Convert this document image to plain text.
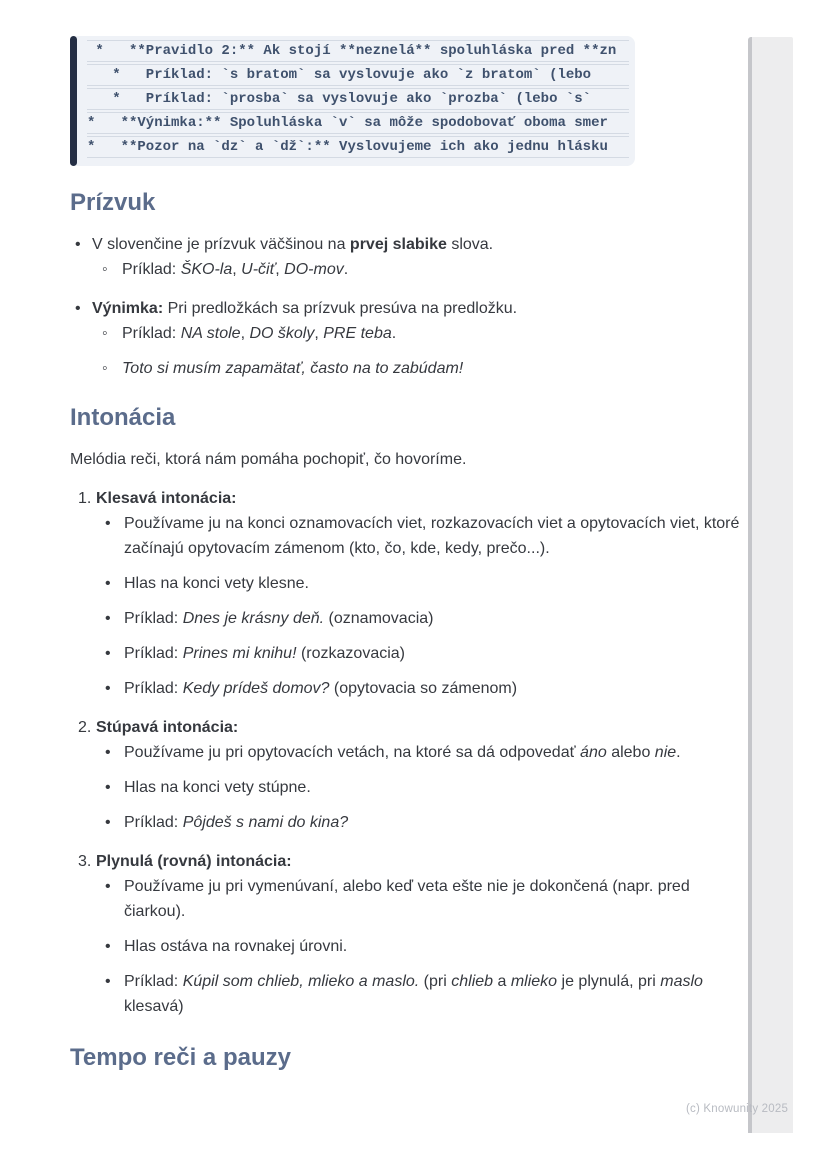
*   **Pravidlo 2:** Ak stojí **neznelá** spoluhláska pred **zn
*   Príklad: `s bratom` sa vyslovuje ako `z bratom` (lebo
*   Príklad: `prosba` sa vyslovuje ako `prozba` (lebo `s`
*   **Výnimka:** Spoluhláska `v` sa môže spodobovať oboma smer
*   **Pozor na `dz` a `dž`:** Vyslovujeme ich ako jednu hlásku
Prízvuk
• V slovenčine je prízvuk väčšinou na prvej slabike slova.
◦ Príklad: ŠKO-la, U-čiť, DO-mov.
• Výnimka: Pri predložkách sa prízvuk presúva na predložku.
◦ Príklad: NA stole, DO školy, PRE teba.
◦ Toto si musím zapamätať, často na to zabúdam!
Intonácia

Melódia reči, ktorá nám pomáha pochopiť, čo hovoríme.

1. Klesavá intonácia:
• Používame ju na konci oznamovacích viet, rozkazovacích viet a opytovacích viet, ktoré začínajú opytovacím zámenom (kto, čo, kde, kedy, prečo...).
• Hlas na konci vety klesne.
• Príklad: Dnes je krásny deň. (oznamovacia)
• Príklad: Prines mi knihu! (rozkazovacia)
• Príklad: Kedy prídeš domov? (opytovacia so zámenom)
2. Stúpavá intonácia:
• Používame ju pri opytovacích vetách, na ktoré sa dá odpovedať áno alebo nie.
• Hlas na konci vety stúpne.
• Príklad: Pôjdeš s nami do kina?
3. Plynulá (rovná) intonácia:
• Používame ju pri vymenúvaní, alebo keď veta ešte nie je dokončená (napr. pred čiarkou).
• Hlas ostáva na rovnakej úrovni.
• Príklad: Kúpil som chlieb, mlieko a maslo. (pri chlieb a mlieko je plynulá, pri maslo klesavá)
Tempo reči a pauzy
(c) Knowunity 2025
